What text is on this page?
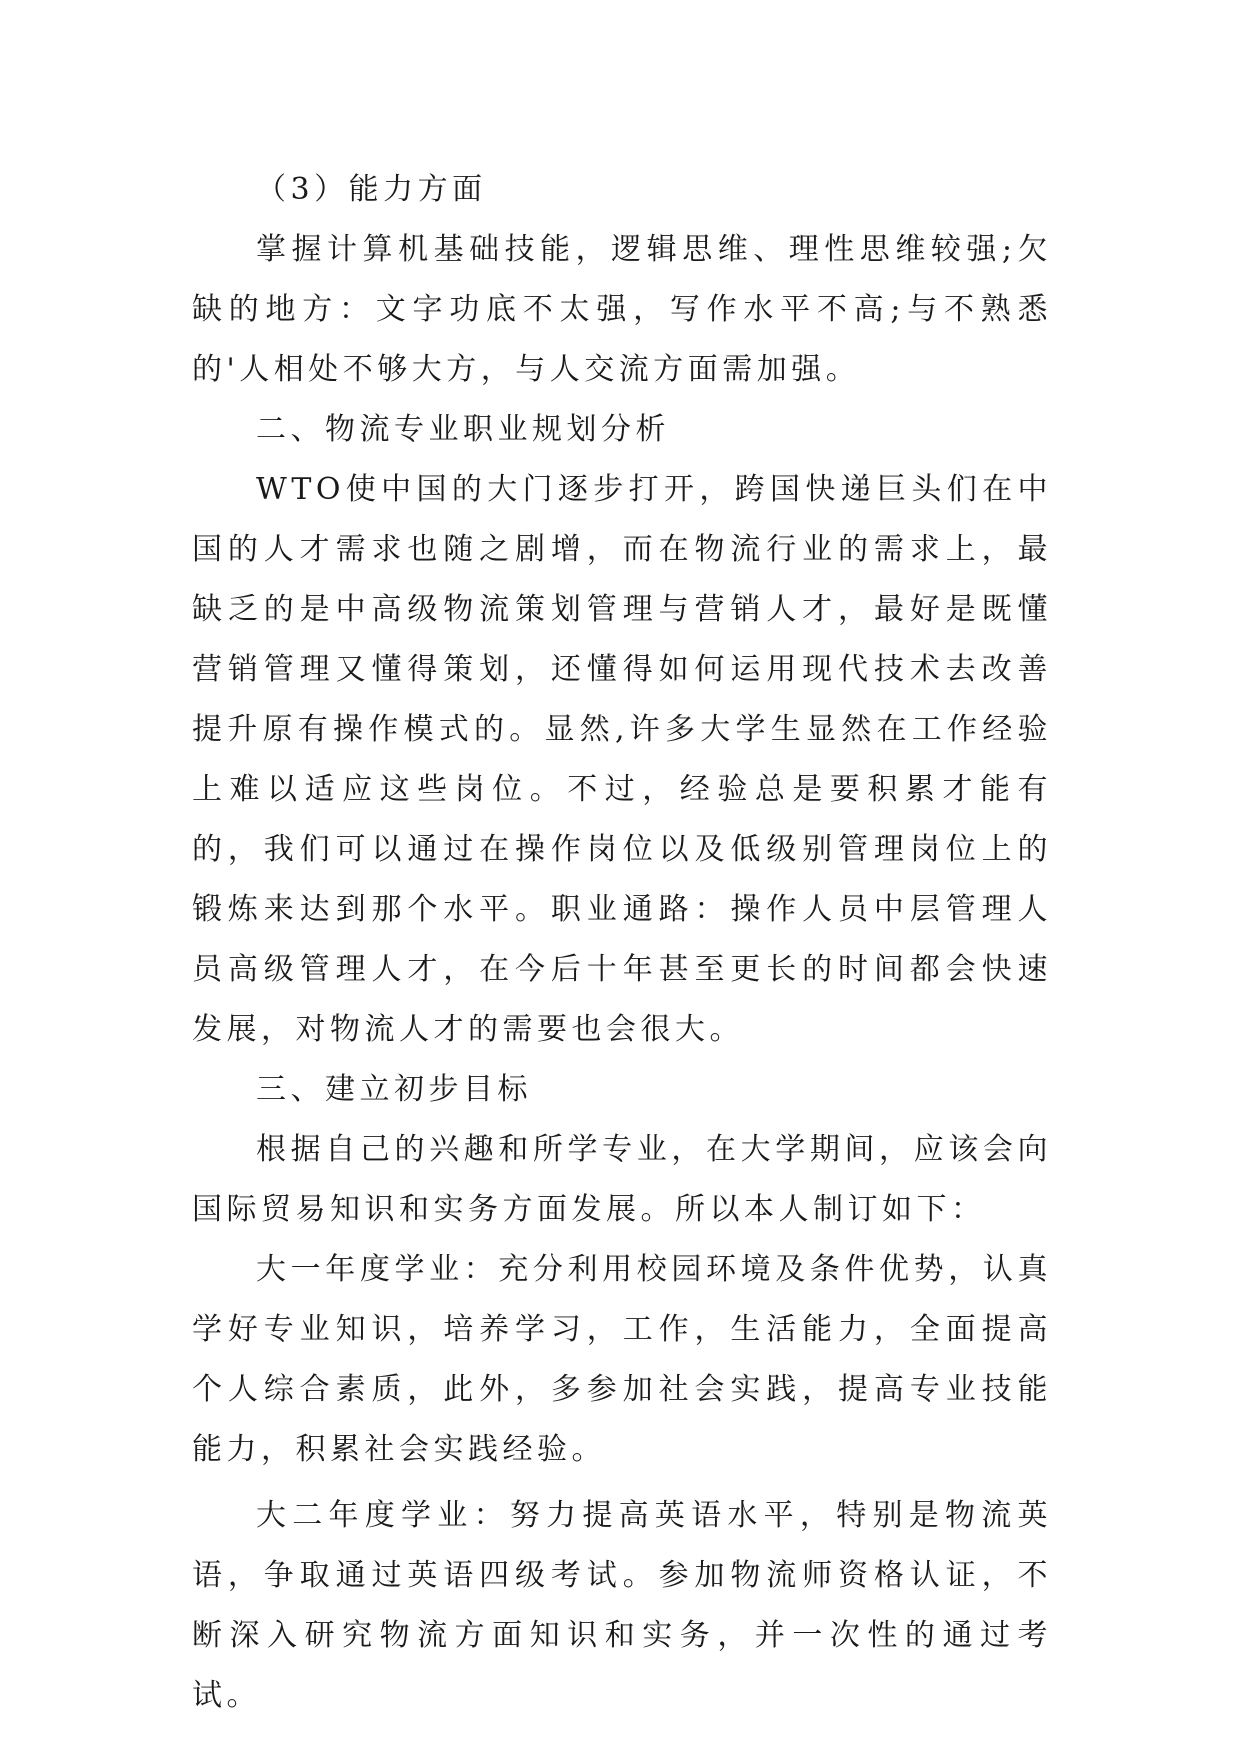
（3）能力方面

掌握计算机基础技能，逻辑思维、理性思维较强;欠缺的地方：文字功底不太强，写作水平不高;与不熟悉的'人相处不够大方，与人交流方面需加强。

二、物流专业职业规划分析

WTO使中国的大门逐步打开，跨国快递巨头们在中国的人才需求也随之剧增，而在物流行业的需求上，最缺乏的是中高级物流策划管理与营销人才，最好是既懂营销管理又懂得策划，还懂得如何运用现代技术去改善提升原有操作模式的。显然,许多大学生显然在工作经验上难以适应这些岗位。不过，经验总是要积累才能有的，我们可以通过在操作岗位以及低级别管理岗位上的锻炼来达到那个水平。职业通路：操作人员中层管理人员高级管理人才，在今后十年甚至更长的时间都会快速发展，对物流人才的需要也会很大。

三、建立初步目标

根据自己的兴趣和所学专业，在大学期间，应该会向国际贸易知识和实务方面发展。所以本人制订如下：

大一年度学业：充分利用校园环境及条件优势，认真学好专业知识，培养学习，工作，生活能力，全面提高个人综合素质，此外，多参加社会实践，提高专业技能能力，积累社会实践经验。

大二年度学业：努力提高英语水平，特别是物流英语，争取通过英语四级考试。参加物流师资格认证，不断深入研究物流方面知识和实务，并一次性的通过考试。
